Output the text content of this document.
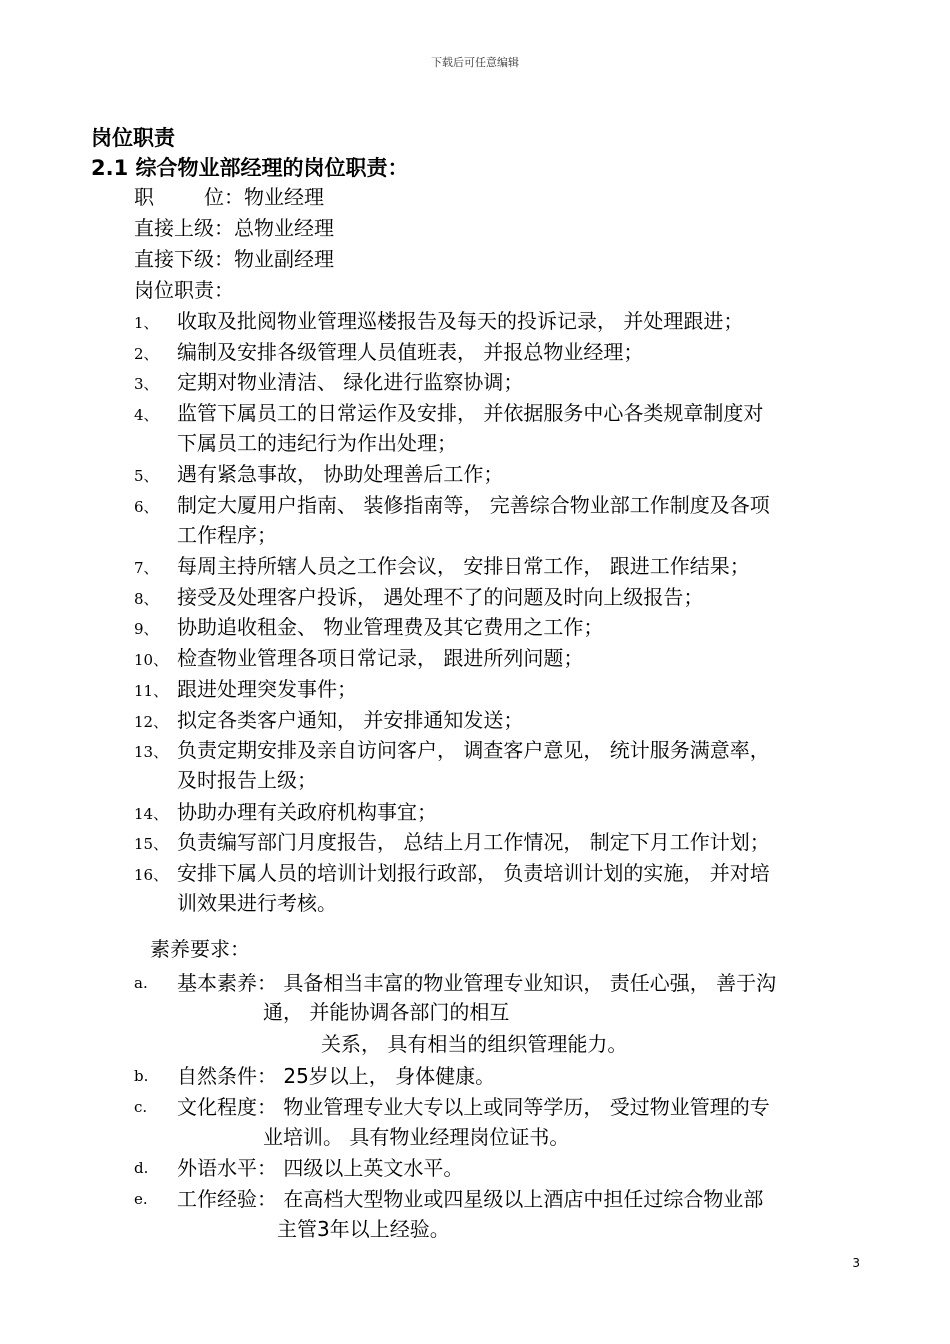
下载后可任意编辑
岗位职责
2.1 综合物业部经理的岗位职责：
职	位：物业经理
直接上级：总物业经理
直接下级：物业副经理
岗位职责：
1、 收取及批阅物业管理巡楼报告及每天的投诉记录， 并处理跟进；
2、 编制及安排各级管理人员值班表， 并报总物业经理；
3、 定期对物业清洁、 绿化进行监察协调；
4、 监管下属员工的日常运作及安排， 并依据服务中心各类规章制度对
下属员工的违纪行为作出处理；
5、 遇有紧急事故， 协助处理善后工作；
6、 制定大厦用户指南、 装修指南等， 完善综合物业部工作制度及各项
工作程序；
7、 每周主持所辖人员之工作会议， 安排日常工作， 跟进工作结果；
8、 接受及处理客户投诉， 遇处理不了的问题及时向上级报告；
9、 协助追收租金、 物业管理费及其它费用之工作；
10、 检查物业管理各项日常记录， 跟进所列问题；
11、 跟进处理突发事件；
12、 拟定各类客户通知， 并安排通知发送；
13、 负责定期安排及亲自访问客户， 调查客户意见， 统计服务满意率，
及时报告上级；
14、 协助办理有关政府机构事宜；
15、 负责编写部门月度报告， 总结上月工作情况， 制定下月工作计划；
16、 安排下属人员的培训计划报行政部， 负责培训计划的实施， 并对培
训效果进行考核。
素养要求：
a. 基本素养： 具备相当丰富的物业管理专业知识， 责任心强， 善于沟
通， 并能协调各部门的相互
关系， 具有相当的组织管理能力。
b. 自然条件： 25岁以上， 身体健康。
c. 文化程度： 物业管理专业大专以上或同等学历， 受过物业管理的专
业培训。 具有物业经理岗位证书。
d. 外语水平： 四级以上英文水平。
e. 工作经验： 在高档大型物业或四星级以上酒店中担任过综合物业部
主管3年以上经验。
3
